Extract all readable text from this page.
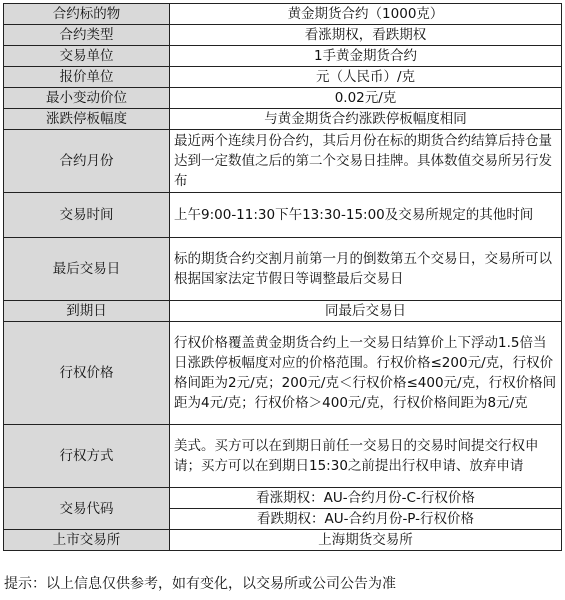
合约标的物	黄金期货合约（1000克）
合约类型	看涨期权，看跌期权
交易单位	1手黄金期货合约
报价单位	元（人民币）/克
最小变动价位	0.02元/克
涨跌停板幅度	与黄金期货合约涨跌停板幅度相同
合约月份	最近两个连续月份合约，其后月份在标的期货合约结算后持仓量达到一定数值之后的第二个交易日挂牌。具体数值交易所另行发布
交易时间	上午9:00-11:30下午13:30-15:00及交易所规定的其他时间
最后交易日	标的期货合约交割月前第一月的倒数第五个交易日，交易所可以根据国家法定节假日等调整最后交易日
到期日	同最后交易日
行权价格	行权价格覆盖黄金期货合约上一交易日结算价上下浮动1.5倍当日涨跌停板幅度对应的价格范围。行权价格≤200元/克，行权价格间距为2元/克；200元/克＜行权价格≤400元/克，行权价格间距为4元/克；行权价格＞400元/克，行权价格间距为8元/克
行权方式	美式。买方可以在到期日前任一交易日的交易时间提交行权申请；买方可以在到期日15:30之前提出行权申请、放弃申请
交易代码	看涨期权：AU-合约月份-C-行权价格
	看跌期权：AU-合约月份-P-行权价格
上市交易所	上海期货交易所
提示：以上信息仅供参考，如有变化，以交易所或公司公告为准
